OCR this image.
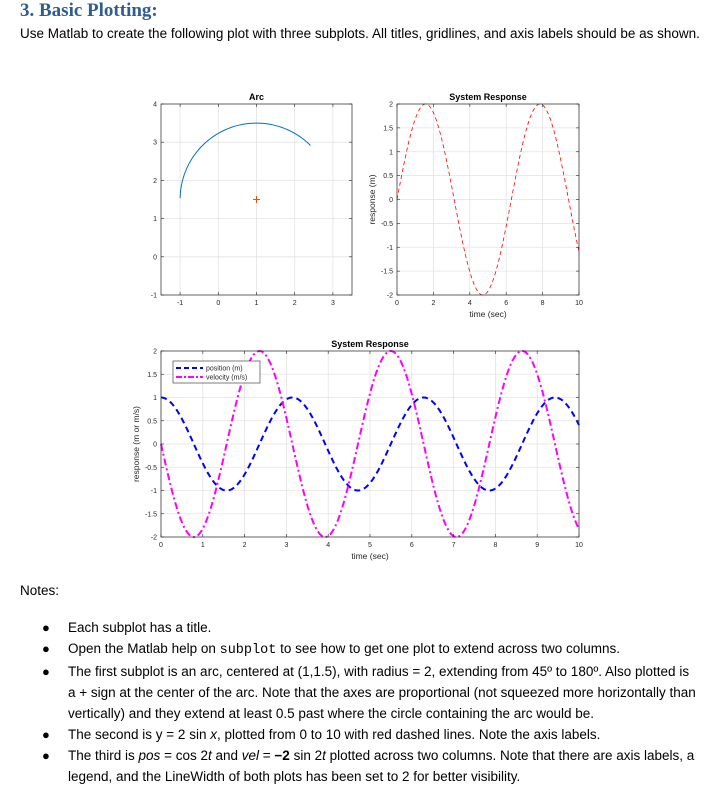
3. Basic Plotting:

Use Matlab to create the following plot with three subplots. All titles, gridlines, and axis labels should be as shown.

-1	0	1	2	3
-1
0
1
2
3
4
Arc
0	2	4	6	8	10
-2
-1.5
-1
-0.5
0
0.5
1
1.5
2
System Response
time (sec)
response (m)
0	1	2	3	4	5	6	7	8	9	10
-2
-1.5
-1
-0.5
0
0.5
1
1.5
2
System Response
time (sec)
response (m or m/s)
position (m)
velocity (m/s)

Notes:

● Each subplot has a title.
● Open the Matlab help on subplot to see how to get one plot to extend across two columns.
● The first subplot is an arc, centered at (1,1.5), with radius = 2, extending from 45º to 180º. Also plotted is a + sign at the center of the arc. Note that the axes are proportional (not squeezed more horizontally than vertically) and they extend at least 0.5 past where the circle containing the arc would be.
● The second is y = 2 sin x, plotted from 0 to 10 with red dashed lines. Note the axis labels.
● The third is pos = cos 2t and vel = −2 sin 2t plotted across two columns. Note that there are axis labels, a legend, and the LineWidth of both plots has been set to 2 for better visibility.
